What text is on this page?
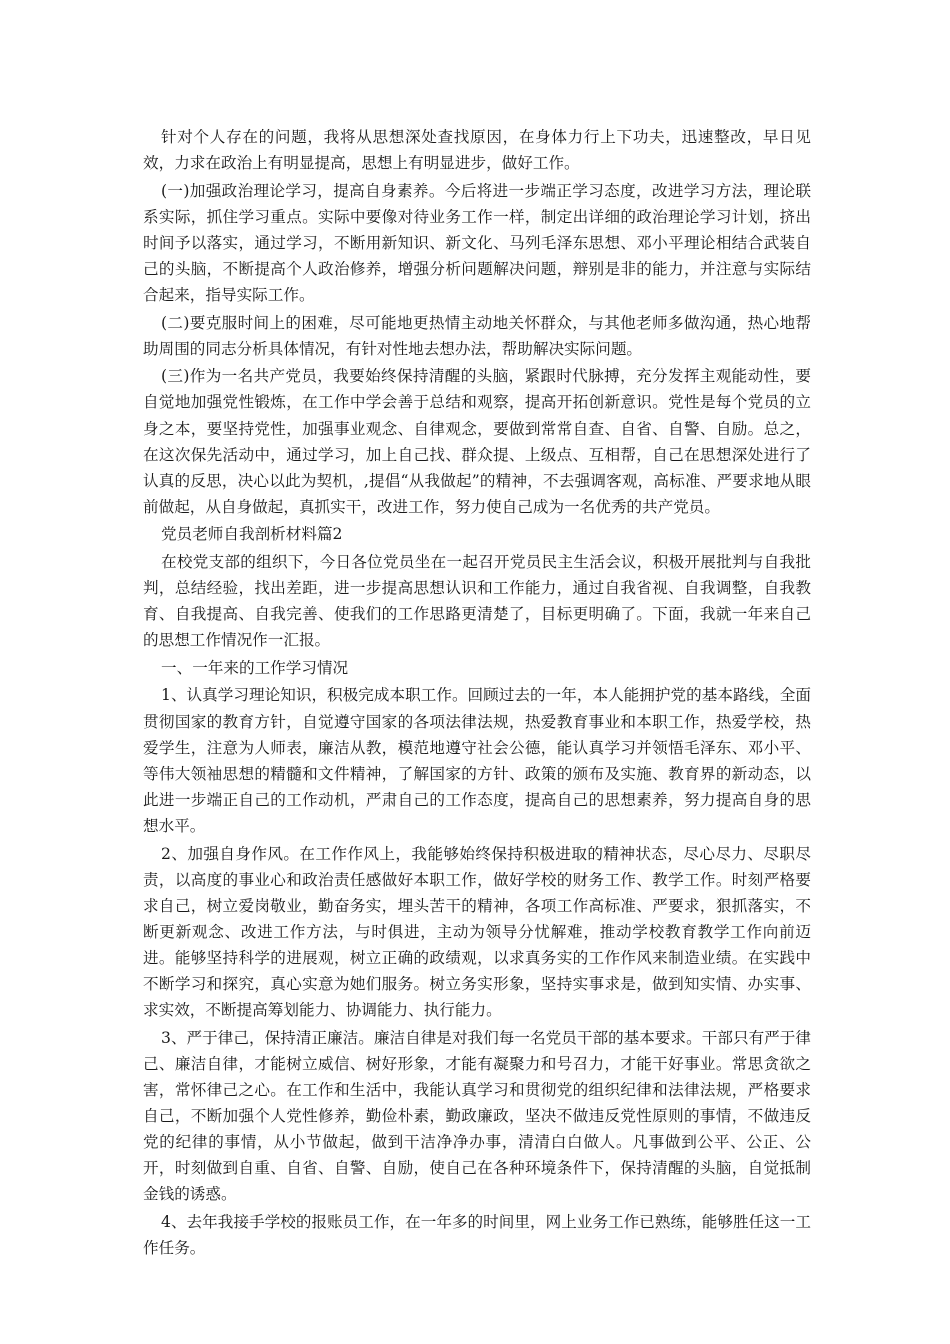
针对个人存在的问题，我将从思想深处查找原因，在身体力行上下功夫，迅速整改，早日见效，力求在政治上有明显提高，思想上有明显进步，做好工作。

(一)加强政治理论学习，提高自身素养。今后将进一步端正学习态度，改进学习方法，理论联系实际，抓住学习重点。实际中要像对待业务工作一样，制定出详细的政治理论学习计划，挤出时间予以落实，通过学习，不断用新知识、新文化、马列毛泽东思想、邓小平理论相结合武装自己的头脑，不断提高个人政治修养，增强分析问题解决问题，辩别是非的能力，并注意与实际结合起来，指导实际工作。

(二)要克服时间上的困难，尽可能地更热情主动地关怀群众，与其他老师多做沟通，热心地帮助周围的同志分析具体情况，有针对性地去想办法，帮助解决实际问题。

(三)作为一名共产党员，我要始终保持清醒的头脑，紧跟时代脉搏，充分发挥主观能动性，要自觉地加强党性锻炼，在工作中学会善于总结和观察，提高开拓创新意识。党性是每个党员的立身之本，要坚持党性，加强事业观念、自律观念，要做到常常自查、自省、自警、自励。总之，在这次保先活动中，通过学习，加上自己找、群众提、上级点、互相帮，自己在思想深处进行了认真的反思，决心以此为契机，,提倡“从我做起”的精神，不去强调客观，高标准、严要求地从眼前做起，从自身做起，真抓实干，改进工作，努力使自己成为一名优秀的共产党员。

党员老师自我剖析材料篇2

在校党支部的组织下，今日各位党员坐在一起召开党员民主生活会议，积极开展批判与自我批判，总结经验，找出差距，进一步提高思想认识和工作能力，通过自我省视、自我调整，自我教育、自我提高、自我完善、使我们的工作思路更清楚了，目标更明确了。下面，我就一年来自己的思想工作情况作一汇报。

一、一年来的工作学习情况

1、认真学习理论知识，积极完成本职工作。回顾过去的一年，本人能拥护党的基本路线，全面贯彻国家的教育方针，自觉遵守国家的各项法律法规，热爱教育事业和本职工作，热爱学校，热爱学生，注意为人师表，廉洁从教，模范地遵守社会公德，能认真学习并领悟毛泽东、邓小平、等伟大领袖思想的精髓和文件精神，了解国家的方针、政策的颁布及实施、教育界的新动态，以此进一步端正自己的工作动机，严肃自己的工作态度，提高自己的思想素养，努力提高自身的思想水平。

2、加强自身作风。在工作作风上，我能够始终保持积极进取的精神状态，尽心尽力、尽职尽责，以高度的事业心和政治责任感做好本职工作，做好学校的财务工作、教学工作。时刻严格要求自己，树立爱岗敬业，勤奋务实，埋头苦干的精神，各项工作高标准、严要求，狠抓落实，不断更新观念、改进工作方法，与时俱进，主动为领导分忧解难，推动学校教育教学工作向前迈进。能够坚持科学的进展观，树立正确的政绩观，以求真务实的工作作风来制造业绩。在实践中不断学习和探究，真心实意为她们服务。树立务实形象，坚持实事求是，做到知实情、办实事、求实效，不断提高筹划能力、协调能力、执行能力。

3、严于律己，保持清正廉洁。廉洁自律是对我们每一名党员干部的基本要求。干部只有严于律己、廉洁自律，才能树立威信、树好形象，才能有凝聚力和号召力，才能干好事业。常思贪欲之害，常怀律己之心。在工作和生活中，我能认真学习和贯彻党的组织纪律和法律法规，严格要求自己，不断加强个人党性修养，勤俭朴素，勤政廉政，坚决不做违反党性原则的事情，不做违反党的纪律的事情，从小节做起，做到干洁净净办事，清清白白做人。凡事做到公平、公正、公开，时刻做到自重、自省、自警、自励，使自己在各种环境条件下，保持清醒的头脑，自觉抵制金钱的诱惑。

4、去年我接手学校的报账员工作，在一年多的时间里，网上业务工作已熟练，能够胜任这一工作任务。
